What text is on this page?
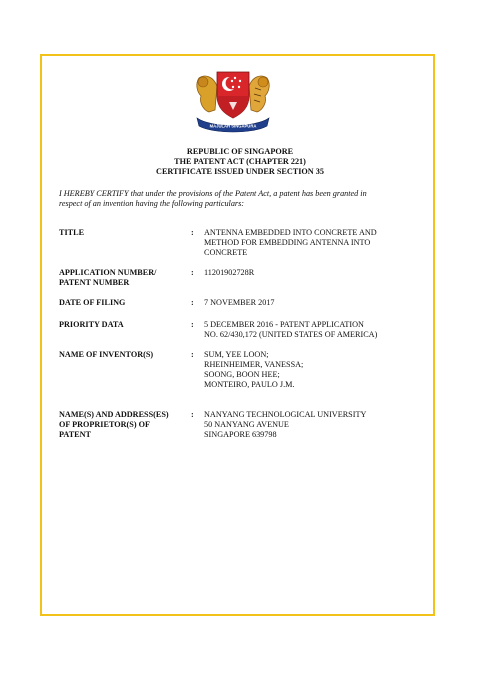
MAJULAH SINGAPURA
REPUBLIC OF SINGAPORE
THE PATENT ACT (CHAPTER 221)
CERTIFICATE ISSUED UNDER SECTION 35
I HEREBY CERTIFY that under the provisions of the Patent Act, a patent has been granted in
respect of an invention having the following particulars:
TITLE	: ANTENNA EMBEDDED INTO CONCRETE AND
METHOD FOR EMBEDDING ANTENNA INTO
CONCRETE
APPLICATION NUMBER/
PATENT NUMBER
: 11201902728R
DATE OF FILING	: 7 NOVEMBER 2017
PRIORITY DATA	: 5 DECEMBER 2016 - PATENT APPLICATION
NO. 62/430,172 (UNITED STATES OF AMERICA)
NAME OF INVENTOR(S)	: SUM, YEE LOON;
RHEINHEIMER, VANESSA;
SOONG, BOON HEE;
MONTEIRO, PAULO J.M.
NAME(S) AND ADDRESS(ES)
OF PROPRIETOR(S) OF
PATENT
: NANYANG TECHNOLOGICAL UNIVERSITY
50 NANYANG AVENUE
SINGAPORE 639798
